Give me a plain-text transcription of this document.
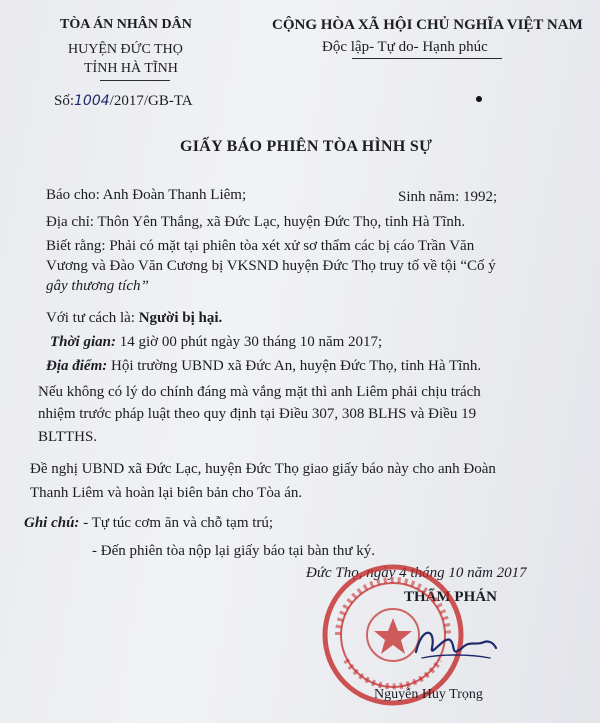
TÒA ÁN NHÂN DÂN
HUYỆN ĐỨC THỌ
TỈNH HÀ TĨNH
CỘNG HÒA XÃ HỘI CHỦ NGHĨA VIỆT NAM
Độc lập- Tự do- Hạnh phúc
Số:1004/2017/GB-TA
GIẤY BÁO PHIÊN TÒA HÌNH SỰ
Báo cho: Anh Đoàn Thanh Liêm;	Sinh năm: 1992;
Địa chỉ: Thôn Yên Thắng, xã Đức Lạc, huyện Đức Thọ, tỉnh Hà Tĩnh.
Biết rằng: Phải có mặt tại phiên tòa xét xử sơ thẩm các bị cáo Trần Văn
Vương và Đào Văn Cương bị VKSND huyện Đức Thọ truy tố về tội “Cố ý
gây thương tích”
Với tư cách là: Người bị hại.
Thời gian: 14 giờ 00 phút ngày 30 tháng 10 năm 2017;
Địa điểm: Hội trường UBND xã Đức An, huyện Đức Thọ, tỉnh Hà Tĩnh.
Nếu không có lý do chính đáng mà vắng mặt thì anh Liêm phải chịu trách
nhiệm trước pháp luật theo quy định tại Điều 307, 308 BLHS và Điều 19
BLTTHS.
Đề nghị UBND xã Đức Lạc, huyện Đức Thọ giao giấy báo này cho anh Đoàn
Thanh Liêm và hoàn lại biên bản cho Tòa án.
Ghi chú: - Tự túc cơm ăn và chỗ tạm trú;
- Đến phiên tòa nộp lại giấy báo tại bàn thư ký.
Đức Thọ, ngày 4 tháng 10 năm 2017
THẨM PHÁN
Nguyễn Huy Trọng
